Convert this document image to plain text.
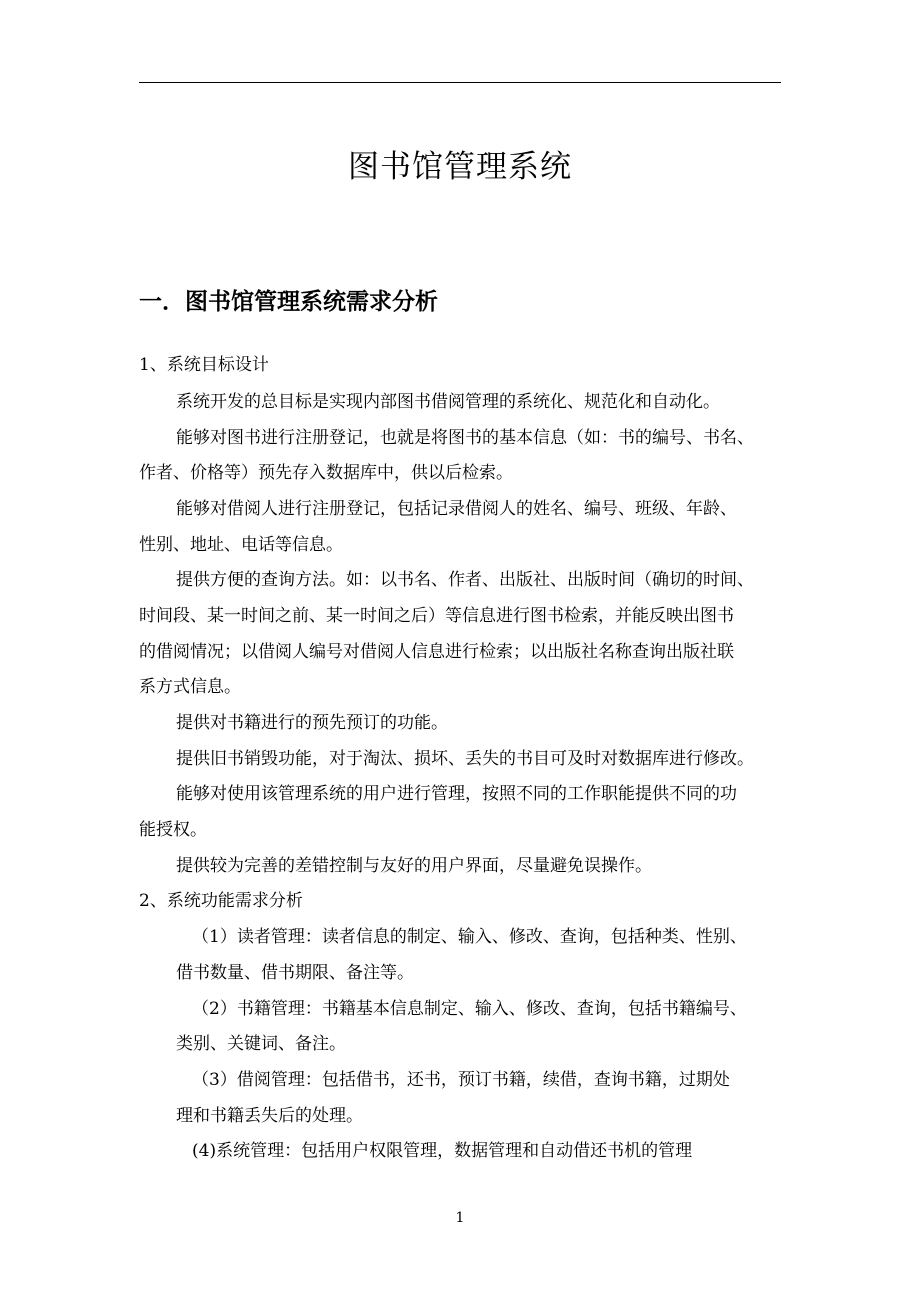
图书馆管理系统
一．图书馆管理系统需求分析
1、系统目标设计
系统开发的总目标是实现内部图书借阅管理的系统化、规范化和自动化。
能够对图书进行注册登记，也就是将图书的基本信息（如：书的编号、书名、
作者、价格等）预先存入数据库中，供以后检索。
能够对借阅人进行注册登记，包括记录借阅人的姓名、编号、班级、年龄、
性别、地址、电话等信息。
提供方便的查询方法。如：以书名、作者、出版社、出版时间（确切的时间、
时间段、某一时间之前、某一时间之后）等信息进行图书检索，并能反映出图书
的借阅情况；以借阅人编号对借阅人信息进行检索；以出版社名称查询出版社联
系方式信息。
提供对书籍进行的预先预订的功能。
提供旧书销毁功能，对于淘汰、损坏、丢失的书目可及时对数据库进行修改。
能够对使用该管理系统的用户进行管理，按照不同的工作职能提供不同的功
能授权。
提供较为完善的差错控制与友好的用户界面，尽量避免误操作。
2、系统功能需求分析
（1）读者管理：读者信息的制定、输入、修改、查询，包括种类、性别、
借书数量、借书期限、备注等。
（2）书籍管理：书籍基本信息制定、输入、修改、查询，包括书籍编号、
类别、关键词、备注。
（3）借阅管理：包括借书，还书，预订书籍，续借，查询书籍，过期处
理和书籍丢失后的处理。
(4)系统管理：包括用户权限管理，数据管理和自动借还书机的管理
1
